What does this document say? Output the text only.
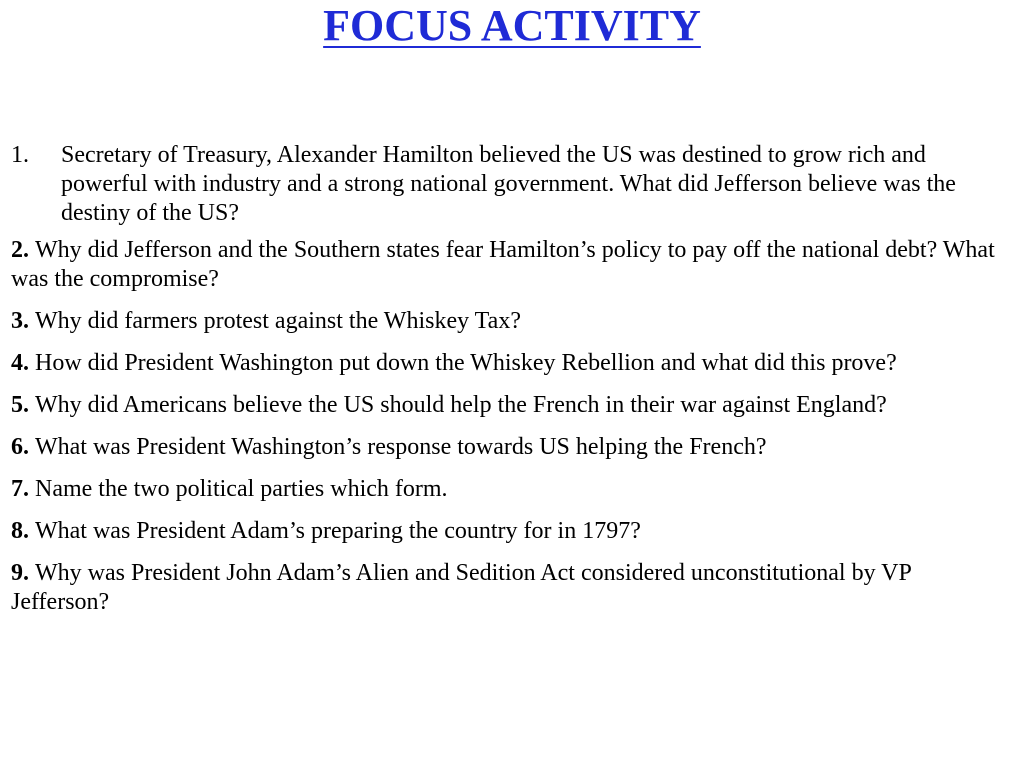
FOCUS ACTIVITY
1.	Secretary of Treasury, Alexander Hamilton believed the US was destined to grow rich and powerful with industry and a strong national government. What did Jefferson believe was the destiny of the US?
2. Why did Jefferson and the Southern states fear Hamilton’s policy to pay off the national debt? What was the compromise?
3. Why did farmers protest against the Whiskey Tax?
4. How did President Washington put down the Whiskey Rebellion and what did this prove?
5. Why did Americans believe the US should help the French in their war against England?
6. What was President Washington’s response towards US helping the French?
7. Name the two political parties which form.
8. What was President Adam’s preparing the country for in 1797?
9. Why was President John Adam’s Alien and Sedition Act considered unconstitutional by VP Jefferson?
